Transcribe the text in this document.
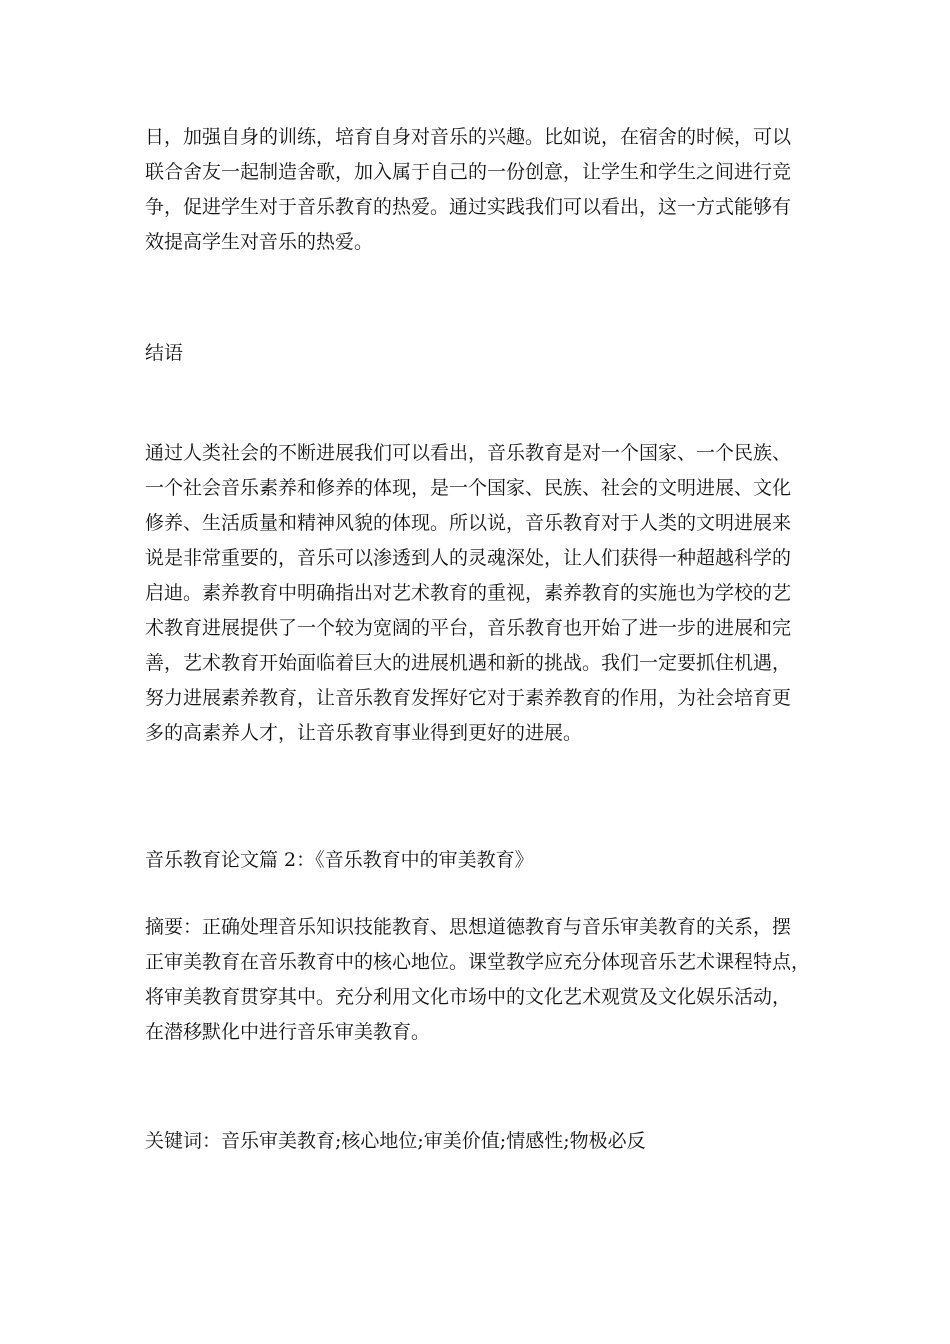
日，加强自身的训练，培育自身对音乐的兴趣。比如说，在宿舍的时候，可以
联合舍友一起制造舍歌，加入属于自己的一份创意，让学生和学生之间进行竞
争，促进学生对于音乐教育的热爱。通过实践我们可以看出，这一方式能够有
效提高学生对音乐的热爱。

结语

通过人类社会的不断进展我们可以看出，音乐教育是对一个国家、一个民族、
一个社会音乐素养和修养的体现，是一个国家、民族、社会的文明进展、文化
修养、生活质量和精神风貌的体现。所以说，音乐教育对于人类的文明进展来
说是非常重要的，音乐可以渗透到人的灵魂深处，让人们获得一种超越科学的
启迪。素养教育中明确指出对艺术教育的重视，素养教育的实施也为学校的艺
术教育进展提供了一个较为宽阔的平台，音乐教育也开始了进一步的进展和完
善，艺术教育开始面临着巨大的进展机遇和新的挑战。我们一定要抓住机遇，
努力进展素养教育，让音乐教育发挥好它对于素养教育的作用，为社会培育更
多的高素养人才，让音乐教育事业得到更好的进展。

音乐教育论文篇 2：《音乐教育中的审美教育》

摘要：正确处理音乐知识技能教育、思想道德教育与音乐审美教育的关系，摆
正审美教育在音乐教育中的核心地位。课堂教学应充分体现音乐艺术课程特点，
将审美教育贯穿其中。充分利用文化市场中的文化艺术观赏及文化娱乐活动，
在潜移默化中进行音乐审美教育。

关键词：音乐审美教育;核心地位;审美价值;情感性;物极必反
